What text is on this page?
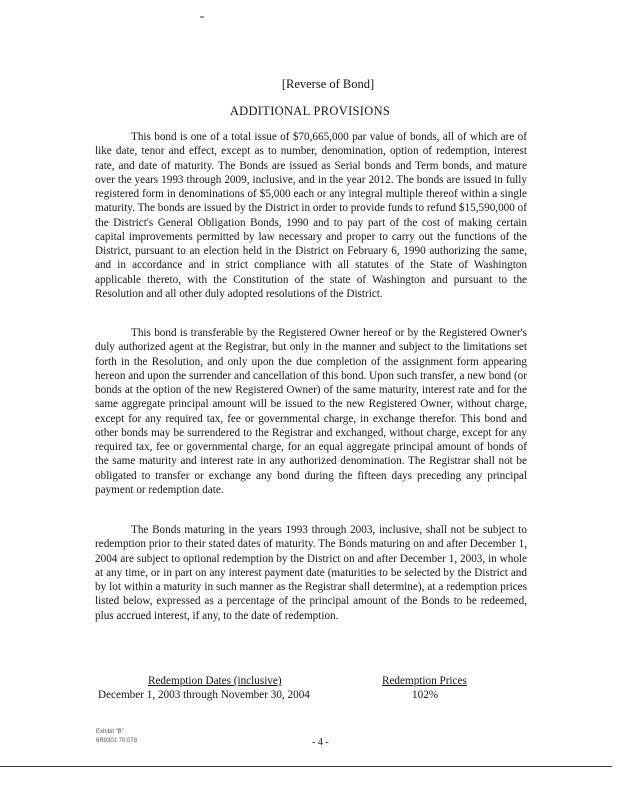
[Reverse of Bond]
ADDITIONAL PROVISIONS

This bond is one of a total issue of $70,665,000 par value of bonds, all of which are of like date, tenor and effect, except as to number, denomination, option of redemption, interest rate, and date of maturity. The Bonds are issued as Serial bonds and Term bonds, and mature over the years 1993 through 2009, inclusive, and in the year 2012. The bonds are issued in fully registered form in denominations of $5,000 each or any integral multiple thereof within a single maturity. The bonds are issued by the District in order to provide funds to refund $15,590,000 of the District's General Obligation Bonds, 1990 and to pay part of the cost of making certain capital improvements permitted by law necessary and proper to carry out the functions of the District, pursuant to an election held in the District on February 6, 1990 authorizing the same, and in accordance and in strict compliance with all statutes of the State of Washington applicable thereto, with the Constitution of the state of Washington and pursuant to the Resolution and all other duly adopted resolutions of the District.

This bond is transferable by the Registered Owner hereof or by the Registered Owner's duly authorized agent at the Registrar, but only in the manner and subject to the limitations set forth in the Resolution, and only upon the due completion of the assignment form appearing hereon and upon the surrender and cancellation of this bond. Upon such transfer, a new bond (or bonds at the option of the new Registered Owner) of the same maturity, interest rate and for the same aggregate principal amount will be issued to the new Registered Owner, without charge, except for any required tax, fee or governmental charge, in exchange therefor. This bond and other bonds may be surrendered to the Registrar and exchanged, without charge, except for any required tax, fee or governmental charge, for an equal aggregate principal amount of bonds of the same maturity and interest rate in any authorized denomination. The Registrar shall not be obligated to transfer or exchange any bond during the fifteen days preceding any principal payment or redemption date.

The Bonds maturing in the years 1993 through 2003, inclusive, shall not be subject to redemption prior to their stated dates of maturity. The Bonds maturing on and after December 1, 2004 are subject to optional redemption by the District on and after December 1, 2003, in whole at any time, or in part on any interest payment date (maturities to be selected by the District and by lot within a maturity in such manner as the Registrar shall determine), at a redemption prices listed below, expressed as a percentage of the principal amount of the Bonds to be redeemed, plus accrued interest, if any, to the date of redemption.

Redemption Dates (inclusive)	Redemption Prices
December 1, 2003 through November 30, 2004	102%
Exhibit "B"
6R9301 70.078	- 4 -
